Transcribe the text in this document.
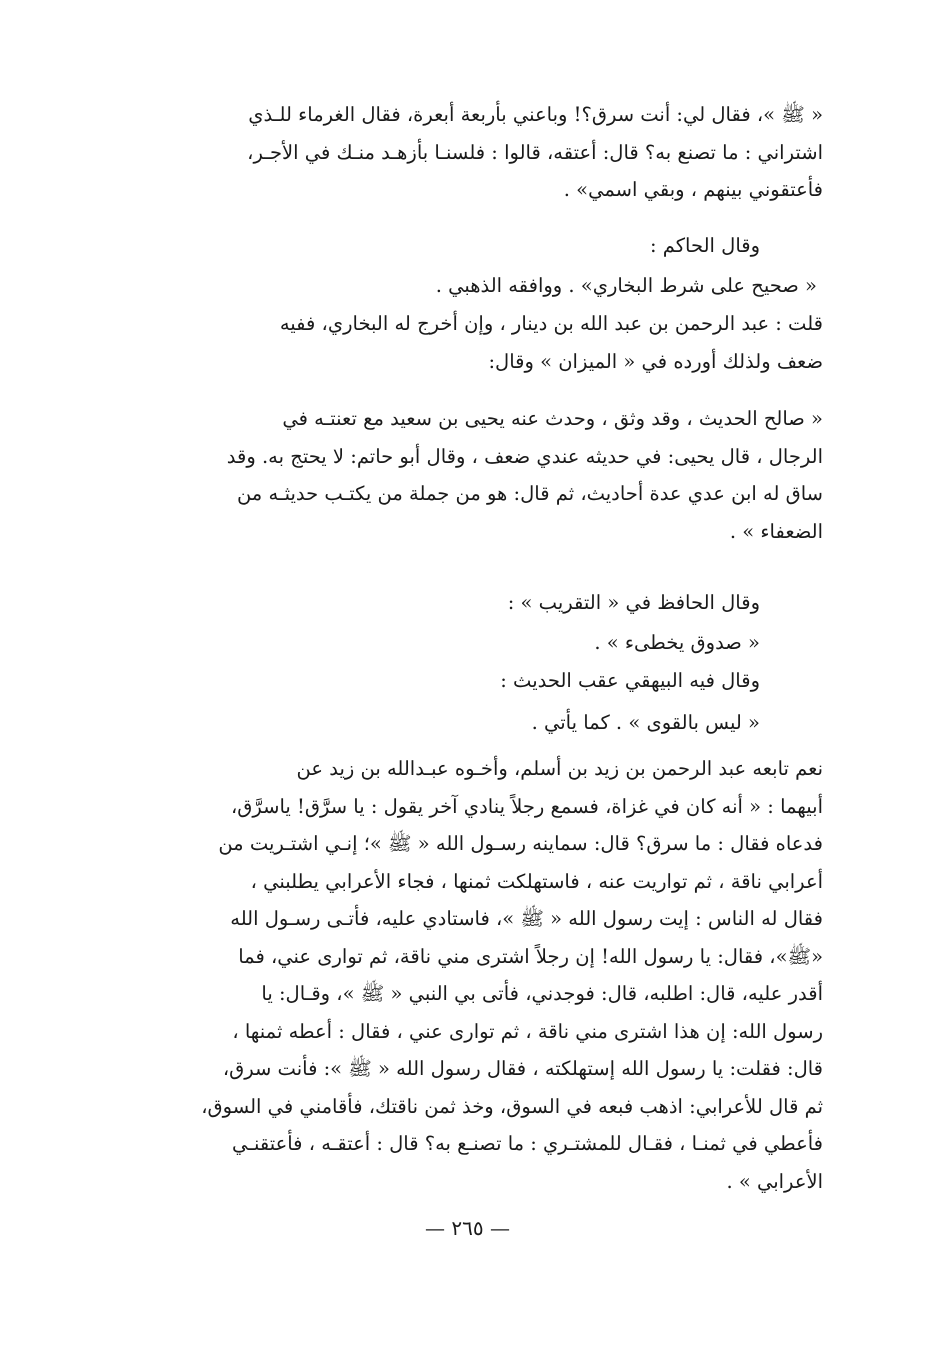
« ﷺ »، فقال لي: أنت سرق؟! وباعني بأربعة أبعرة، فقال الغرماء للـذي
اشتراني : ما تصنع به؟ قال: أعتقه، قالوا : فلسنـا بأزهـد منـك في الأجـر،
فأعتقوني بينهم ، وبقي اسمي» .
وقال الحاكم :
« صحيح على شرط البخاري» . ووافقه الذهبي .
قلت : عبد الرحمن بن عبد الله بن دينار ، وإن أخرج له البخاري، ففيه
ضعف ولذلك أورده في « الميزان » وقال:
« صالح الحديث ، وقد وثق ، وحدث عنه يحيى بن سعيد مع تعنتـه في
الرجال ، قال يحيى: في حديثه عندي ضعف ، وقال أبو حاتم: لا يحتج به. وقد
ساق له ابن عدي عدة أحاديث، ثم قال: هو من جملة من يكتـب حديثـه من
الضعفاء » .
وقال الحافظ في « التقريب » :
« صدوق يخطىء » .
وقال فيه البيهقي عقب الحديث :
« ليس بالقوى » . كما يأتي .
نعم تابعه عبد الرحمن بن زيد بن أسلم، وأخـوه عبـدالله بن زيد عن
أبيهما : « أنه كان في غزاة، فسمع رجلاً ينادي آخر يقول : يا سرَّق! ياسرَّق،
فدعاه فقال : ما سرق؟ قال: سماينه رسـول الله « ﷺ »؛ إنـي اشتـريت من
أعرابي ناقة ، ثم تواريت عنه ، فاستهلكت ثمنها ، فجاء الأعرابي يطلبني ،
فقال له الناس : إيت رسول الله « ﷺ »، فاستادي عليه، فأتـى رسـول الله
«ﷺ»، فقال: يا رسول الله! إن رجلاً اشترى مني ناقة، ثم توارى عني، فما
أقدر عليه، قال: اطلبه، قال: فوجدني، فأتى بي النبي « ﷺ »، وقـال: يا
رسول الله: إن هذا اشترى مني ناقة ، ثم توارى عني ، فقال : أعطه ثمنها ،
قال: فقلت: يا رسول الله إستهلكته ، فقال رسول الله « ﷺ »: فأنت سرق،
ثم قال للأعرابي: اذهب فبعه في السوق، وخذ ثمن ناقتك، فأقامني في السوق،
فأعطي في ثمنـا ، فقـال للمشتـري : ما تصنـع به؟ قال : أعتقـه ، فأعتقنـي
الأعرابي » .
— ٢٦٥ —
